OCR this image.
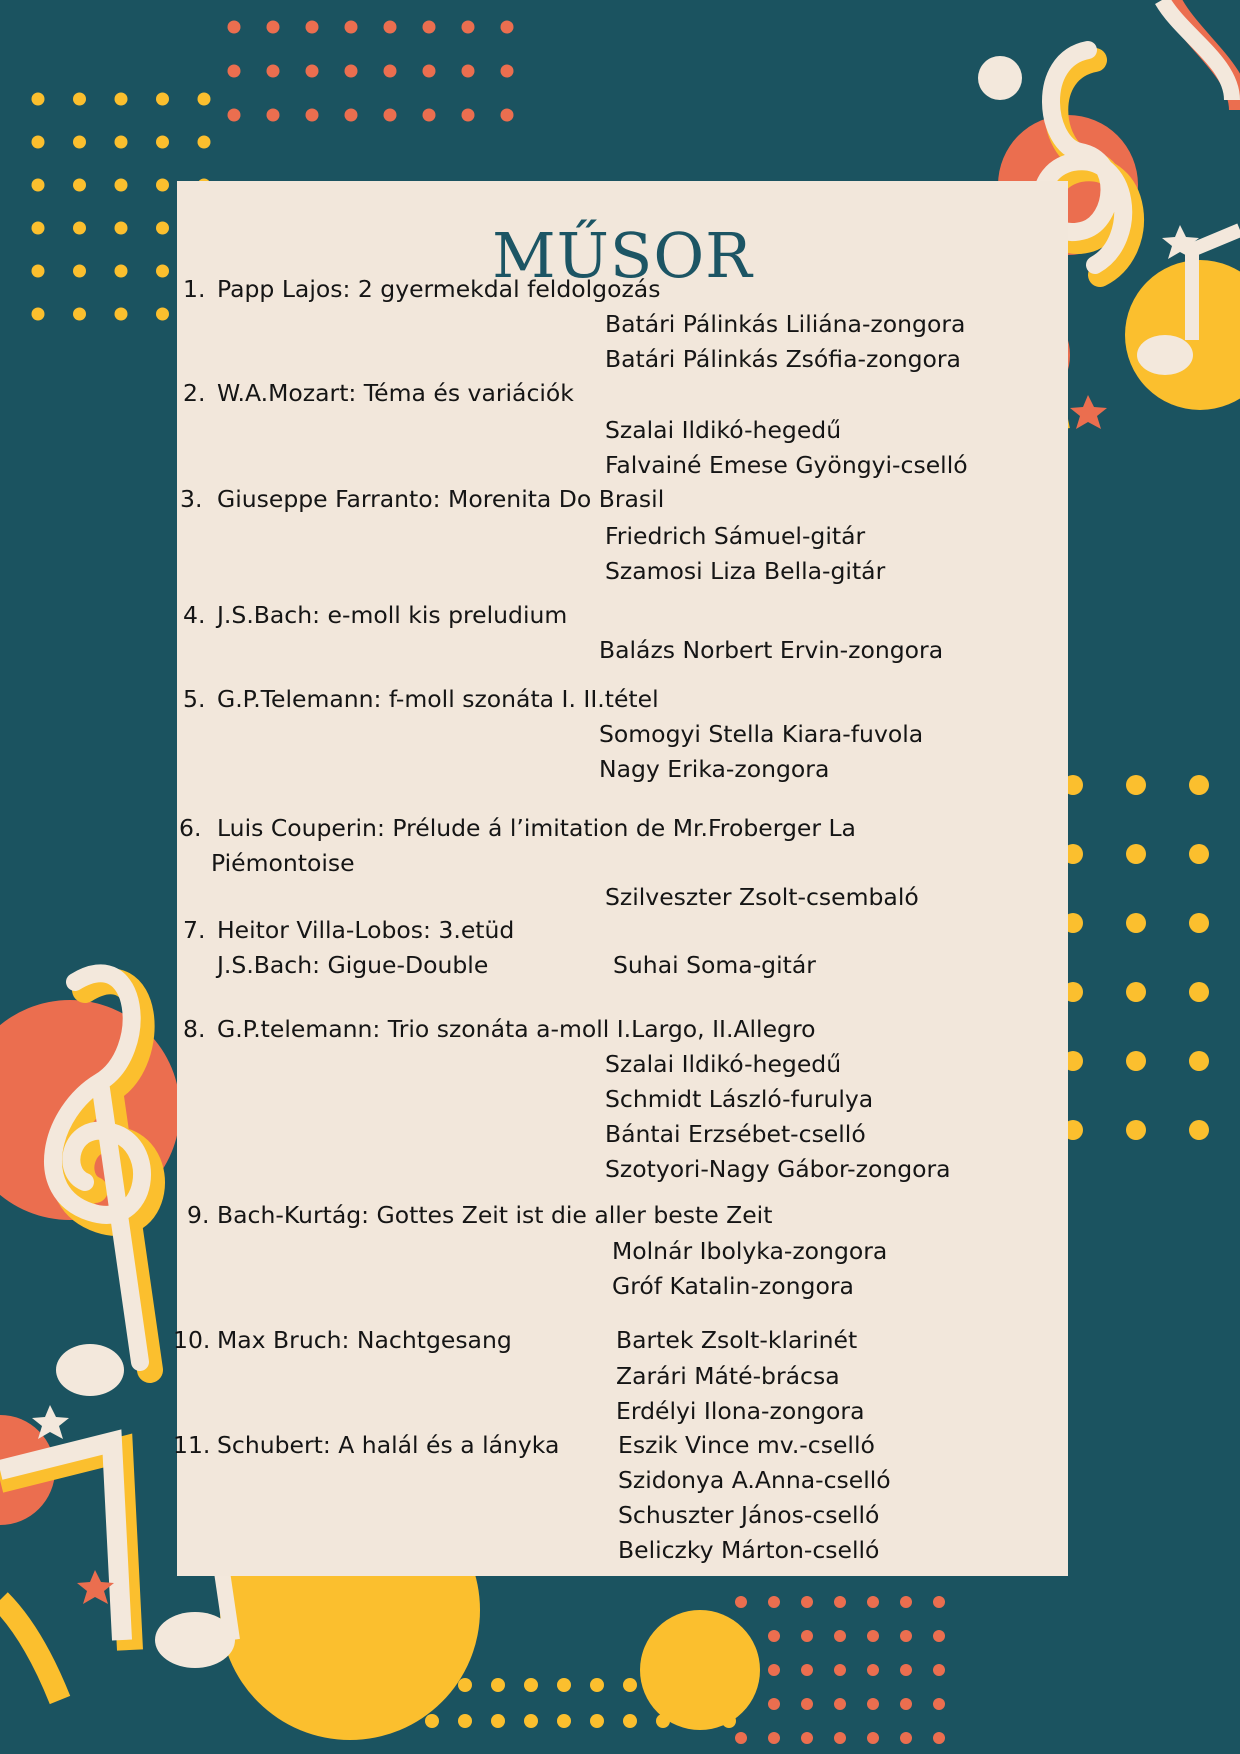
MŰSOR
1. Papp Lajos: 2 gyermekdal feldolgozás
Batári Pálinkás Liliána-zongora
Batári Pálinkás Zsófia-zongora
2. W.A.Mozart: Téma és variációk
Szalai Ildikó-hegedű
Falvainé Emese Gyöngyi-cselló
3. Giuseppe Farranto: Morenita Do Brasil
Friedrich Sámuel-gitár
Szamosi Liza Bella-gitár
4. J.S.Bach: e-moll kis preludium
Balázs Norbert Ervin-zongora
5. G.P.Telemann: f-moll szonáta I. II.tétel
Somogyi Stella Kiara-fuvola
Nagy Erika-zongora
6. Luis Couperin: Prélude á l’imitation de Mr.Froberger La
Piémontoise
Szilveszter Zsolt-csembaló
7. Heitor Villa-Lobos: 3.etüd
J.S.Bach: Gigue-Double	Suhai Soma-gitár
8. G.P.telemann: Trio szonáta a-moll I.Largo, II.Allegro
Szalai Ildikó-hegedű
Schmidt László-furulya
Bántai Erzsébet-cselló
Szotyori-Nagy Gábor-zongora
9. Bach-Kurtág: Gottes Zeit ist die aller beste Zeit
Molnár Ibolyka-zongora
Gróf Katalin-zongora
10. Max Bruch: Nachtgesang	Bartek Zsolt-klarinét
Zarári Máté-brácsa
Erdélyi Ilona-zongora
11. Schubert: A halál és a lányka Eszik Vince mv.-cselló
Szidonya A.Anna-cselló
Schuszter János-cselló
Beliczky Márton-cselló
